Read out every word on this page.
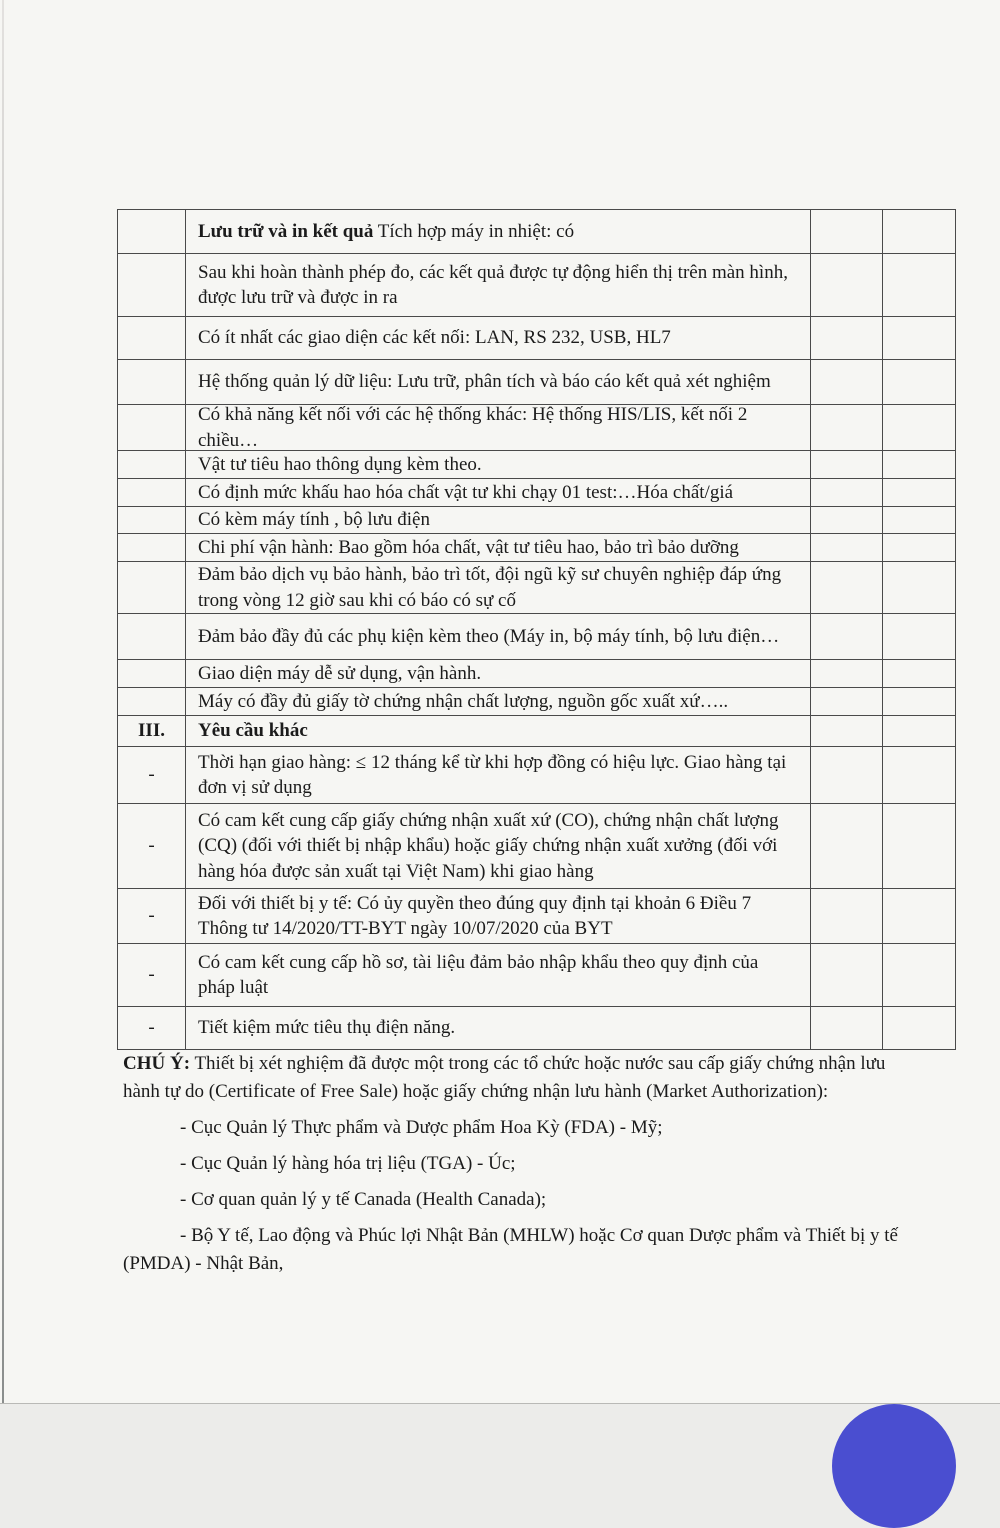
Lưu trữ và in kết quả Tích hợp máy in nhiệt: có
Sau khi hoàn thành phép đo, các kết quả được tự động hiển thị trên màn hình, được lưu trữ và được in ra
Có ít nhất các giao diện các kết nối: LAN, RS 232, USB, HL7
Hệ thống quản lý dữ liệu: Lưu trữ, phân tích và báo cáo kết quả xét nghiệm
Có khả năng kết nối với các hệ thống khác: Hệ thống HIS/LIS, kết nối 2 chiều…
Vật tư tiêu hao thông dụng kèm theo.
Có định mức khấu hao hóa chất vật tư khi chạy 01 test:…Hóa chất/giá
Có kèm máy tính , bộ lưu điện
Chi phí vận hành: Bao gồm hóa chất, vật tư tiêu hao, bảo trì bảo dưỡng
Đảm bảo dịch vụ bảo hành, bảo trì tốt, đội ngũ kỹ sư chuyên nghiệp đáp ứng trong vòng 12 giờ sau khi có báo có sự cố
Đảm bảo đầy đủ các phụ kiện kèm theo (Máy in, bộ máy tính, bộ lưu điện…
Giao diện máy dễ sử dụng, vận hành.
Máy có đầy đủ giấy tờ chứng nhận chất lượng, nguồn gốc xuất xứ…..
III.	Yêu cầu khác
-
Thời hạn giao hàng: ≤ 12 tháng kể từ khi hợp đồng có hiệu lực. Giao hàng tại đơn vị sử dụng
-
Có cam kết cung cấp giấy chứng nhận xuất xứ (CO), chứng nhận chất lượng (CQ) (đối với thiết bị nhập khẩu) hoặc giấy chứng nhận xuất xưởng (đối với hàng hóa được sản xuất tại Việt Nam) khi giao hàng
-
Đối với thiết bị y tế: Có ủy quyền theo đúng quy định tại khoản 6 Điều 7 Thông tư 14/2020/TT-BYT ngày 10/07/2020 của BYT
-
Có cam kết cung cấp hồ sơ, tài liệu đảm bảo nhập khẩu theo quy định của pháp luật
-	Tiết kiệm mức tiêu thụ điện năng.

CHÚ Ý: Thiết bị xét nghiệm đã được một trong các tổ chức hoặc nước sau cấp giấy chứng nhận lưu hành tự do (Certificate of Free Sale) hoặc giấy chứng nhận lưu hành (Market Authorization):

- Cục Quản lý Thực phẩm và Dược phẩm Hoa Kỳ (FDA) - Mỹ;

- Cục Quản lý hàng hóa trị liệu (TGA) - Úc;

- Cơ quan quản lý y tế Canada (Health Canada);

- Bộ Y tế, Lao động và Phúc lợi Nhật Bản (MHLW) hoặc Cơ quan Dược phẩm và Thiết bị y tế (PMDA) - Nhật Bản,
